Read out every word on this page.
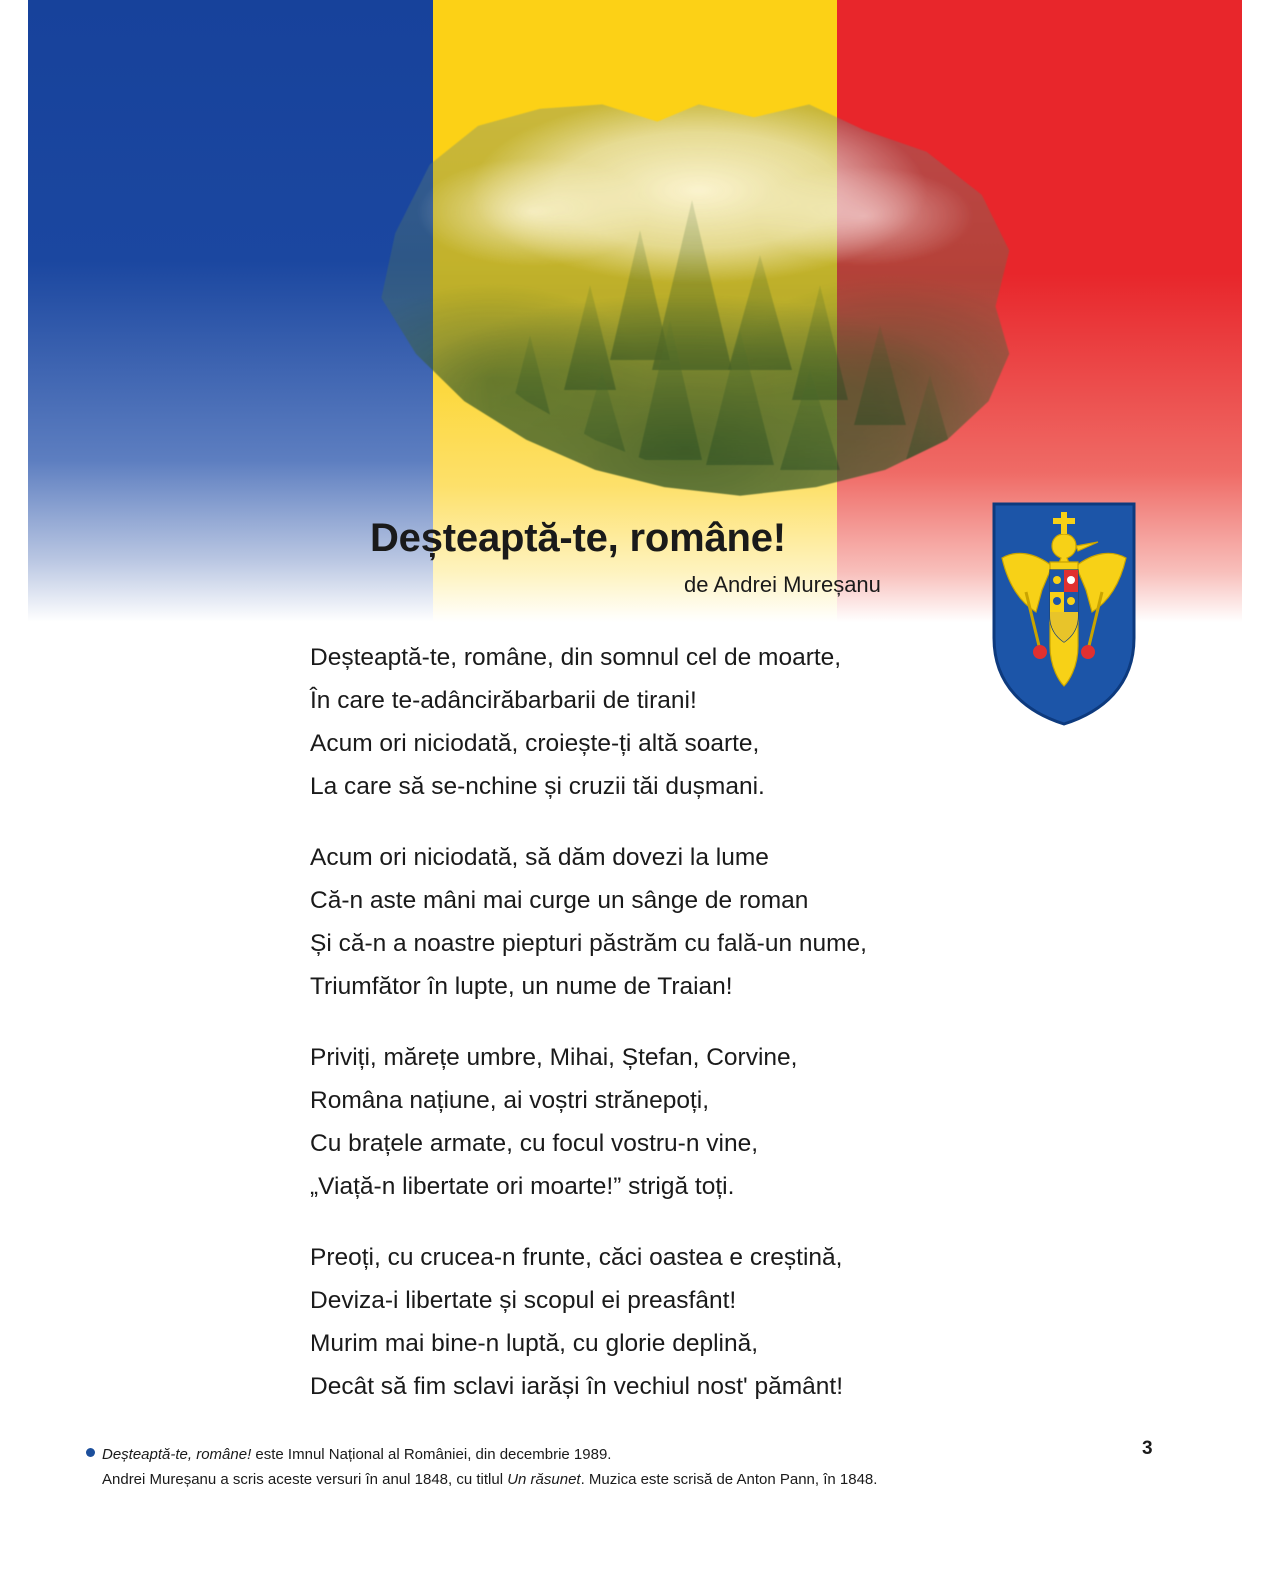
Deșteaptă-te, române!
de Andrei Mureșanu
Deșteaptă-te, române, din somnul cel de moarte,
În care te-adâncirăbarbarii de tirani!
Acum ori niciodată, croiește-ți altă soarte,
La care să se-nchine și cruzii tăi dușmani.
Acum ori niciodată, să dăm dovezi la lume
Că-n aste mâni mai curge un sânge de roman
Și că-n a noastre piepturi păstrăm cu fală-un nume,
Triumfător în lupte, un nume de Traian!
Priviți, mărețe umbre, Mihai, Ștefan, Corvine,
Româna națiune, ai voștri strănepoți,
Cu brațele armate, cu focul vostru-n vine,
„Viață-n libertate ori moarte!” strigă toți.
Preoți, cu crucea-n frunte, căci oastea e creștină,
Deviza-i libertate și scopul ei preasfânt!
Murim mai bine-n luptă, cu glorie deplină,
Decât să fim sclavi iarăși în vechiul nost' pământ!
Deșteaptă-te, române! este Imnul Național al României, din decembrie 1989.
Andrei Mureșanu a scris aceste versuri în anul 1848, cu titlul Un răsunet. Muzica este scrisă de Anton Pann, în 1848.
3
